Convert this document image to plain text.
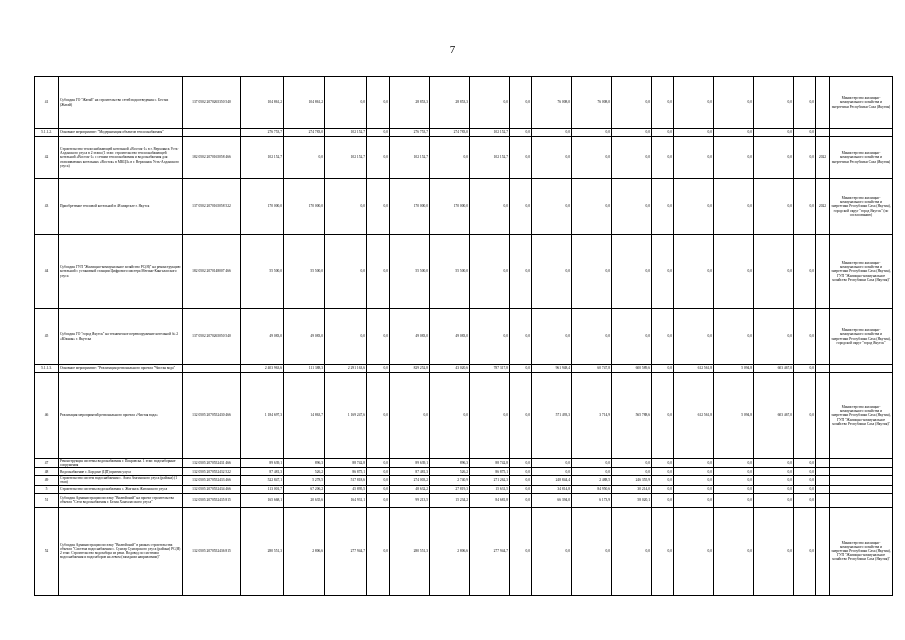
7
41	Субсидия ГО "Жатай" на строительство сетей водоотведения с. Бестях (Жатай)	137 0502 2070265350 540	104 861,2	104 861,2	0,0	0,0	28 853,3	28 853,3	0,0	0,0	76 008,0	76 008,0	0,0	0,0	0,0	0,0	0,0	0,0		Министерство жилищно-коммунального хозяйства и энергетики Республики Саха (Якутия)
5.1.1.2.	Основное мероприятие: "Модернизация объектов теплоснабжения"		276 753,7	274 783,0	102 152,7	0,0	276 753,7	274 783,0	102 152,7	0,0	0,0	0,0	0,0	0,0	0,0	0,0	0,0	0,0		
42	Строительство теплоснабжающей котельной «Восток-1» в г. Верхоянск Усть-Алданского улуса в 2 этапа (1 этап: строительство теплоснабжающей котельной «Восток-1» с сетями теплоснабжения и водоснабжения для отапливаемых котельных «Восток» в МКЦЗ» в г. Верхоянск Усть-Алданского улуса)	182 0502 2070165058 466	102 152,7	0,0	102 152,7	0,0	102 152,7	0,0	102 152,7	0,0	0,0	0,0	0,0	0,0	0,0	0,0	0,0	0,0	2022	Министерство жилищно-коммунального хозяйства и энергетики Республики Саха (Якутия)
43	Приобретение тепловой котельной в 48 квартале г. Якутск	137 0502 2070165058 522	170 000,0	170 000,0	0,0	0,0	170 000,0	170 000,0	0,0	0,0	0,0	0,0	0,0	0,0	0,0	0,0	0,0	0,0	2022	Министерство жилищно-коммунального хозяйства и энергетики Республики Саха (Якутия), городской округ "город Якутск" (по согласованию)
44	Субсидия ГУП "Жилищно-коммунальное хозяйство РС(Я)" на реконструкцию котельной с установкой станции Цифрового мастера Мегино-Кангаласского улуса	182 0502 2070148007 466	55 500,0	55 500,0	0,0	0,0	55 500,0	55 500,0	0,0	0,0	0,0	0,0	0,0	0,0	0,0	0,0	0,0	0,0		Министерство жилищно-коммунального хозяйства и энергетики Республики Саха (Якутия), ГУП "Жилищно-коммунальное хозяйство Республики Саха (Якутия)"
45	Субсидия ГО "город Якутск" на техническое перевооружение котельной № 2 «Южная» г. Якутска	137 0502 2070265050 540	49 083,0	49 083,0	0,0	0,0	49 083,0	49 083,0	0,0	0,0	0,0	0,0	0,0	0,0	0,0	0,0	0,0	0,0		Министерство жилищно-коммунального хозяйства и энергетики Республики Саха (Якутия), городской округ "город Якутск"
5.1.1.3.	Основное мероприятие: "Реализация регионального проекта "Чистая вода"		2 403 963,6	111 388,3	2 291 163,6	0,0	829 252,8	43 020,6	787 317,8	0,0	961 948,4	60 747,8	600 589,6	0,0	612 561,8	5 094,8	603 467,0	0,0		
46	Реализация мероприятий регионального проекта «Чистая вода»	132 0505 2070552430 466	1 184 697,3	14 863,7	1 169 247,6	0,0	0,0	0,0	0,0	0,0	571 493,3	3 714,9	565 788,6	0,0	612 561,8	5 094,8	603 467,0	0,0		Министерство жилищно-коммунального хозяйства и энергетики Республики Саха (Якутия), ГУП "Жилищно-коммунальное хозяйство Республики Саха (Якутия)"
47	Реконструкция системы водоснабжения г. Покровска. 1 этап: водозаборные сооружения	132 0505 2070552431 466	89 639,1	896,3	88 742,8	0,0	89 639,1	896,3	88 742,8	0,0	0,0	0,0	0,0	0,0	0,0	0,0	0,0	0,0		
48	Водоснабжение с. Бордонг (ЦП) приема улуса	132 0505 2070552432 522	87 481,3	526,2	86 875,1	0,0	87 481,3	526,2	86 875,1	0,0	0,0	0,0	0,0	0,0	0,0	0,0	0,0	0,0		
49	Строительство систем водоснабжения с. Амга Амгинского улуса (района) (1 этап)	132 0505 2070552433 466	522 847,1	5 278,5	517 818,6	0,0	274 003,2	2 740,9	271 262,3	0,0	248 844,4	2 488,5	246 355,9	0,0	0,0	0,0	0,0	0,0		
5	Строительство системы водоснабжения с. Жиганск Жиганского улуса	132 0505 2070552434 466	113 001,7	67 206,2	45 895,5	0,0	48 632,2	27 819,3	15 631,5	0,0	34 814,8	84 950,6	30 214,0	0,0	0,0	0,0	0,0	0,0		
51	Субсидия Администрации поселку "Вилюйский" на проект строительства объекта "Сети водоснабжения г. Белая Хангаласского улуса"	132 0505 2070552435 815	165 668,1	20 635,6	164 931,1	0,0	99 213,5	15 234,2	84 681,8	0,0	66 394,0	6 173,9	58 020,1	0,0	0,0	0,0	0,0	0,0		
52	Субсидия Администрации поселку "Вилюйский" в рамках строительства объекта "Система водоснабжения с. Сунтар Сунтарского улуса (района) РС(Я) 2 этап: Строительство водозабора из реки. Водовод по системам водоснабжения и водозаборов на левом (западном направлении)"	132 0505 2070552436 815	280 551,3	2 806,6	277 944,7	0,0	280 551,3	2 806,6	277 944,7	0,0	0,0	0,0	0,0	0,0	0,0	0,0	0,0	0,0		Министерство жилищно-коммунального хозяйства и энергетики Республики Саха (Якутия), ГУП "Жилищно-коммунальное хозяйство Республики Саха (Якутия)"
